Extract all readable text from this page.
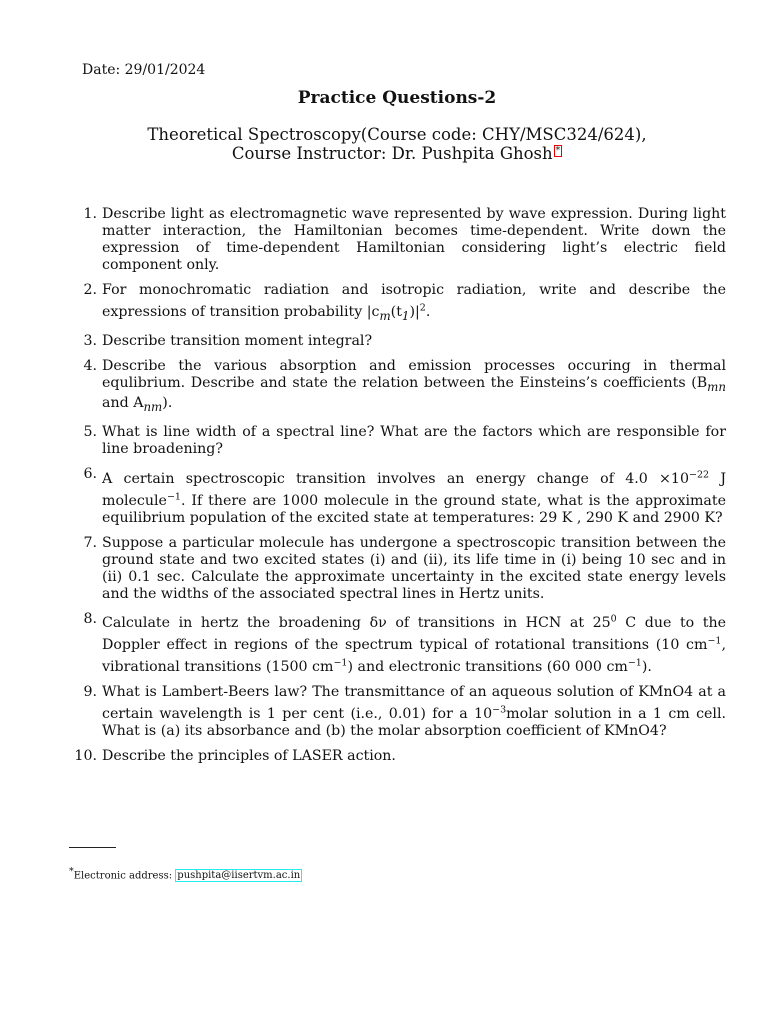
Date: 29/01/2024
Practice Questions-2
Theoretical Spectroscopy(Course code: CHY/MSC324/624),
Course Instructor: Dr. Pushpita Ghosh *
1. Describe light as electromagnetic wave represented by wave expression. During light matter interaction, the Hamiltonian becomes time-dependent. Write down the expression of time-dependent Hamiltonian considering light’s electric field component only.
2. For monochromatic radiation and isotropic radiation, write and describe the expressions of transition probability $|c_m(t_1)|^2$.
3. Describe transition moment integral?
4. Describe the various absorption and emission processes occuring in thermal equlibrium. Describe and state the relation between the Einsteins’s coefficients ($B_{mn}$ and $A_{nm}$).
5. What is line width of a spectral line? What are the factors which are responsible for line broadening?
6. A certain spectroscopic transition involves an energy change of $4.0 \times 10^{-22}$ J molecule$^{-1}$. If there are 1000 molecule in the ground state, what is the approximate equilibrium population of the excited state at temperatures: 29 K , 290 K and 2900 K?
7. Suppose a particular molecule has undergone a spectroscopic transition between the ground state and two excited states (i) and (ii), its life time in (i) being 10 sec and in (ii) 0.1 sec. Calculate the approximate uncertainty in the excited state energy levels and the widths of the associated spectral lines in Hertz units.
8. Calculate in hertz the broadening δν of transitions in HCN at $25^0$ C due to the Doppler effect in regions of the spectrum typical of rotational transitions (10 $cm^{-1}$, vibrational transitions (1500 $cm^{-1}$) and electronic transitions (60 000 $cm^{-1}$).
9. What is Lambert-Beers law? The transmittance of an aqueous solution of KMnO4 at a certain wavelength is 1 per cent (i.e., 0.01) for a $10^{-3}molar$ solution in a 1 cm cell. What is (a) its absorbance and (b) the molar absorption coefficient of KMnO4?
10. Describe the principles of LASER action.
*Electronic address: pushpita@iisertvm.ac.in
